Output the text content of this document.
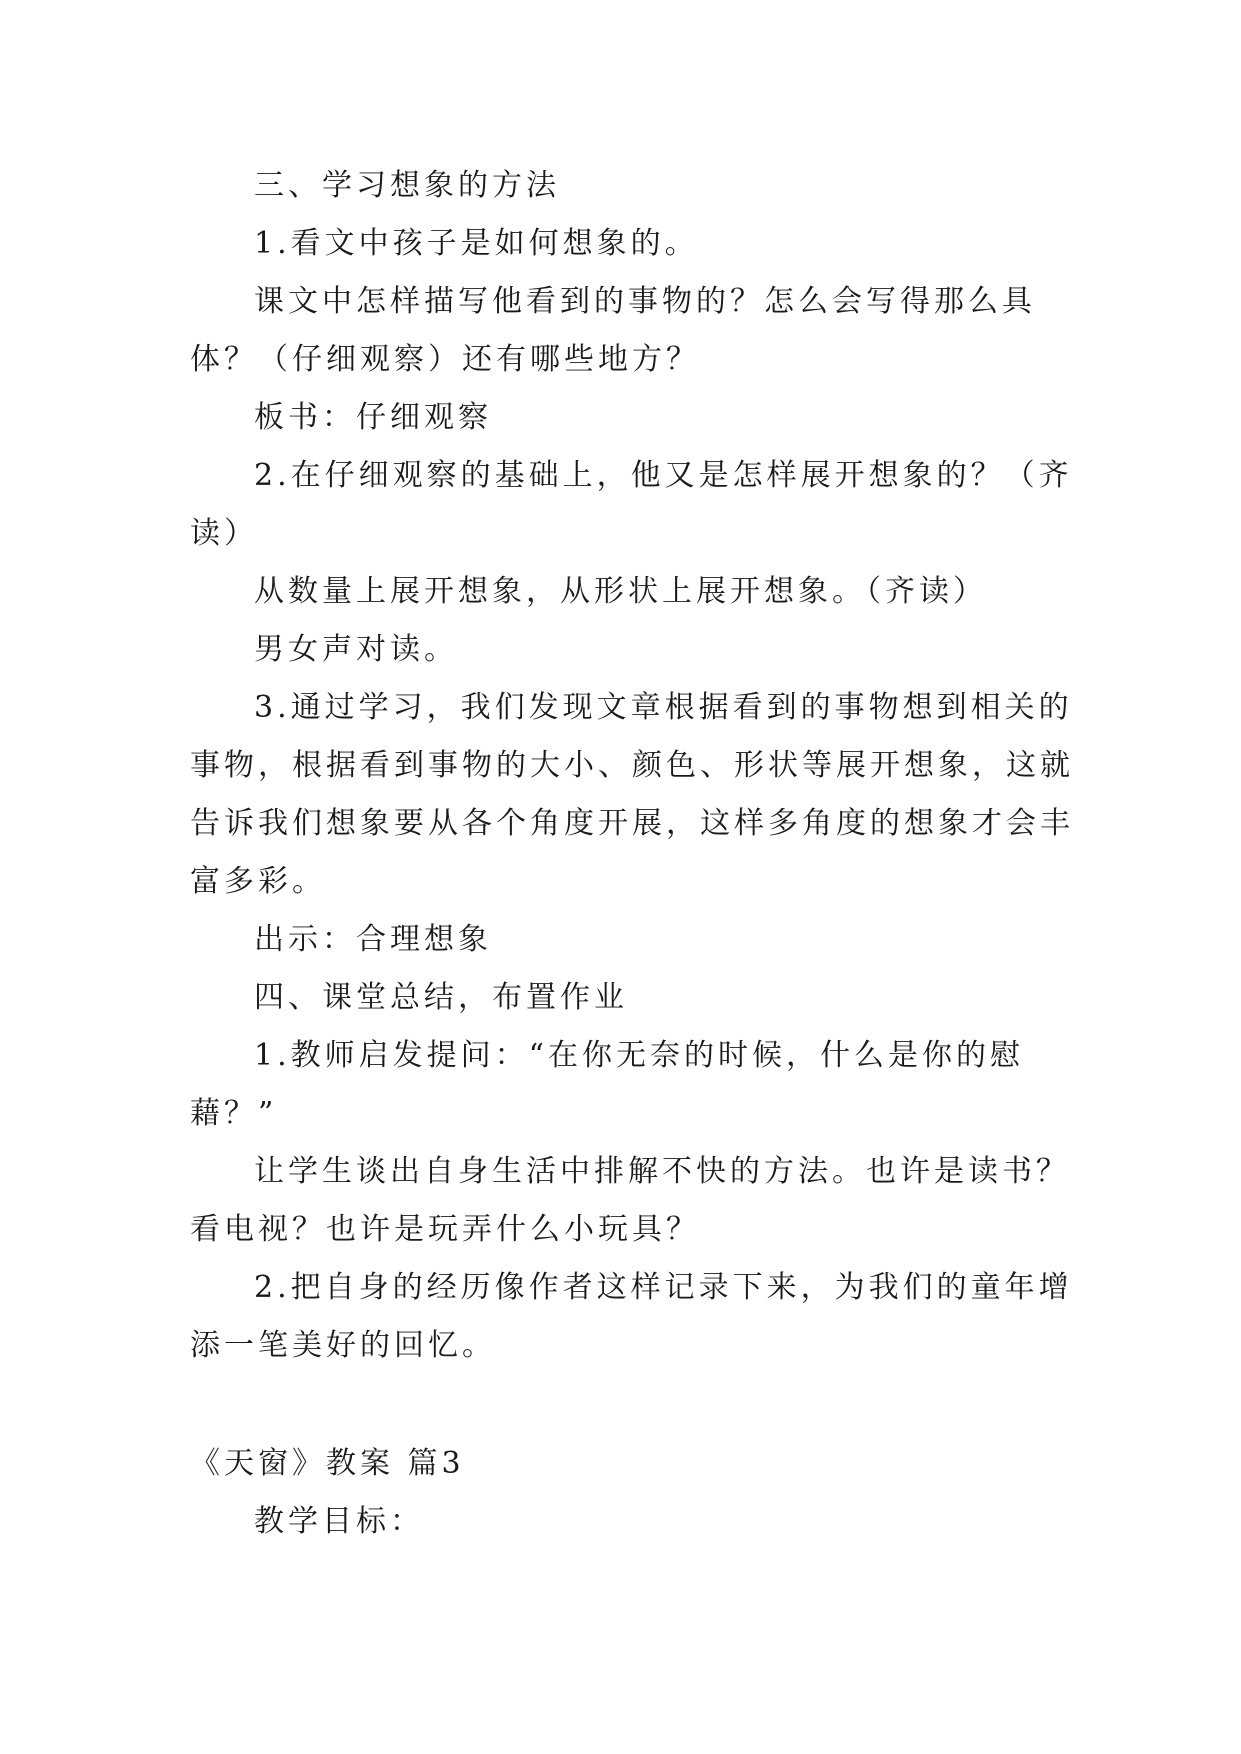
三、学习想象的方法

1.看文中孩子是如何想象的。

课文中怎样描写他看到的事物的？怎么会写得那么具

体？（仔细观察）还有哪些地方？

板书：仔细观察

2.在仔细观察的基础上，他又是怎样展开想象的？（齐

读）

从数量上展开想象，从形状上展开想象。（齐读）

男女声对读。

3.通过学习，我们发现文章根据看到的事物想到相关的

事物，根据看到事物的大小、颜色、形状等展开想象，这就

告诉我们想象要从各个角度开展，这样多角度的想象才会丰

富多彩。

出示：合理想象

四、课堂总结，布置作业

1.教师启发提问：“在你无奈的时候，什么是你的慰

藉？”

让学生谈出自身生活中排解不快的方法。也许是读书？

看电视？也许是玩弄什么小玩具？

2.把自身的经历像作者这样记录下来，为我们的童年增

添一笔美好的回忆。

《天窗》教案 篇3

教学目标：
